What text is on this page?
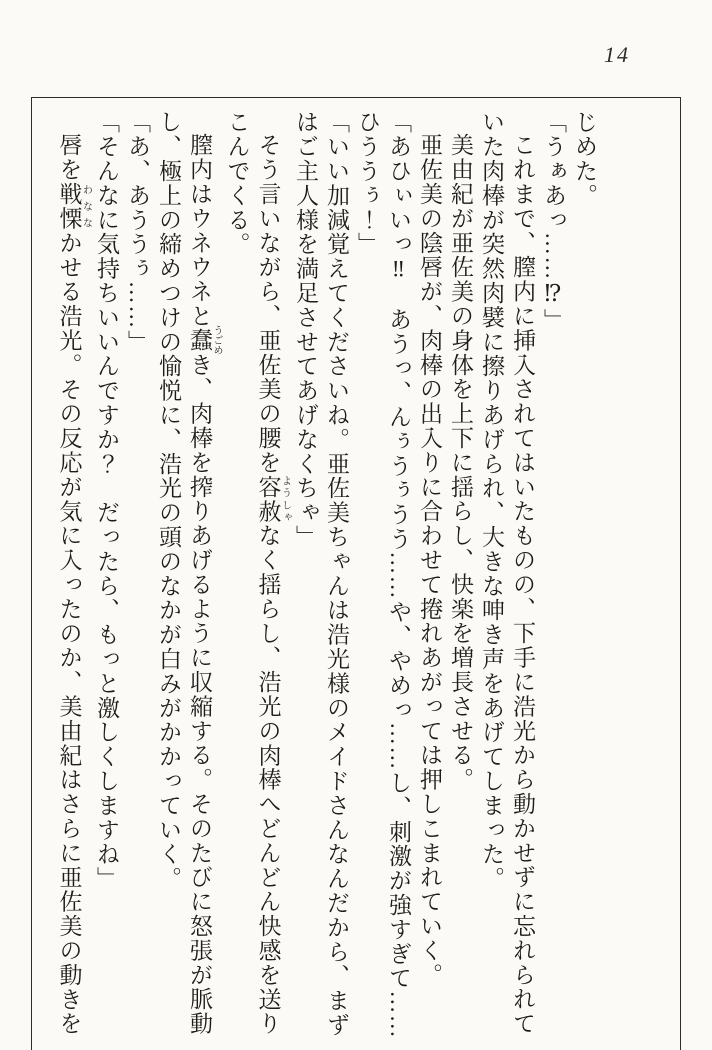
14

じめた。

「うぁあっ……⁉」

これまで、膣内に挿入されてはいたものの、下手に浩光から動かせずに忘れられていた肉棒が突然肉襞に擦りあげられ、大きな呻き声をあげてしまった。

美由紀が亜佐美の身体を上下に揺らし、快楽を増長させる。

亜佐美の陰唇が、肉棒の出入りに合わせて捲れあがっては押しこまれていく。

「あひぃいっ‼　あうっ、んぅうぅうう……や、やめっ……し、刺激が強すぎて……ひううぅ！」

「いい加減覚えてくださいね。亜佐美ちゃんは浩光様のメイドさんなんだから、まずはご主人様を満足させてあげなくちゃ」

そう言いながら、亜佐美の腰を容赦 ようしゃなく揺らし、浩光の肉棒へどんどん快感を送りこんでくる。

膣内はウネウネと蠢 うごめき、肉棒を搾りあげるように収縮する。そのたびに怒張が脈動し、極上の締めつけの愉悦に、浩光の頭のなかが白みがかかっていく。

「あ、あううぅ……」

「そんなに気持ちいいんですか？　だったら、もっと激しくしますね」

唇を戦慄 わななかせる浩光。その反応が気に入ったのか、美由紀はさらに亜佐美の動きを
